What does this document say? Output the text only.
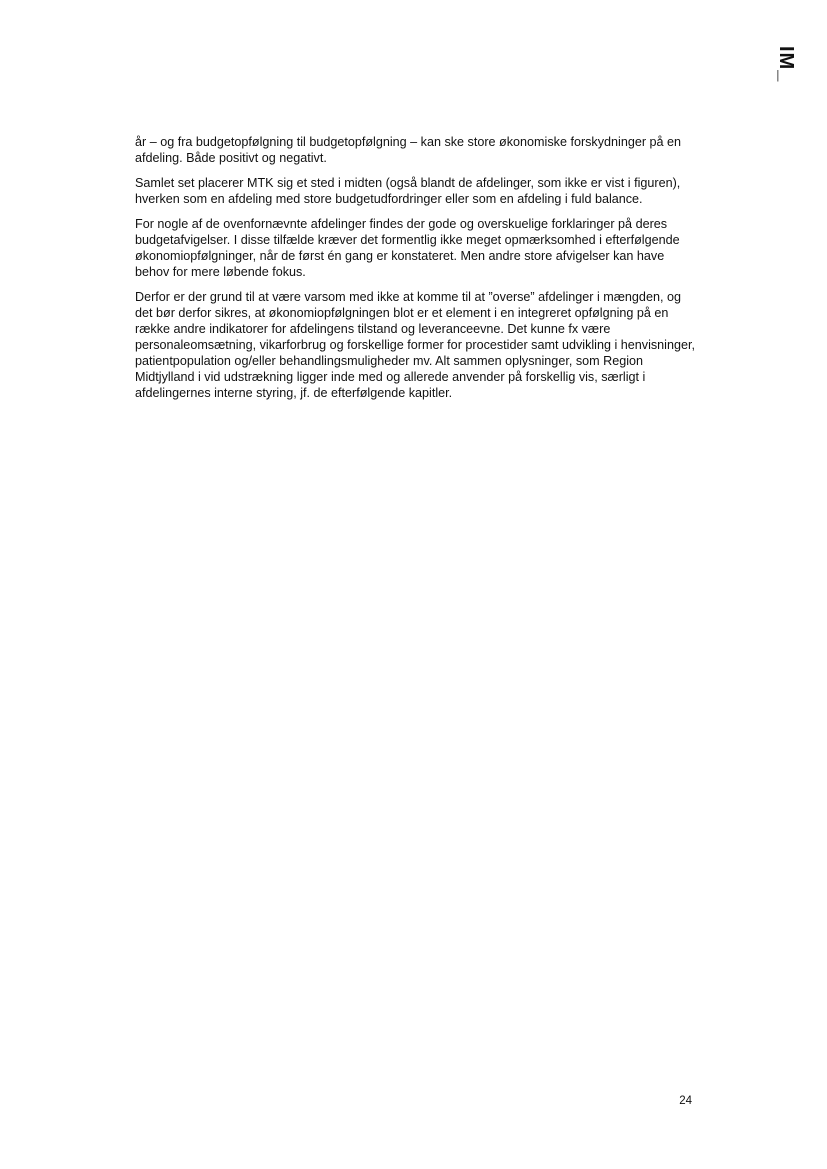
IM_

år – og fra budgetopfølgning til budgetopfølgning – kan ske store økonomiske forskydninger på en afdeling. Både positivt og negativt.

Samlet set placerer MTK sig et sted i midten (også blandt de afdelinger, som ikke er vist i figuren), hverken som en afdeling med store budgetudfordringer eller som en afdeling i fuld balance.

For nogle af de ovenfornævnte afdelinger findes der gode og overskuelige forklaringer på deres budgetafvigelser. I disse tilfælde kræver det formentlig ikke meget opmærksomhed i efterfølgende økonomiopfølgninger, når de først én gang er konstateret. Men andre store afvigelser kan have behov for mere løbende fokus.

Derfor er der grund til at være varsom med ikke at komme til at ”overse” afdelinger i mængden, og det bør derfor sikres, at økonomiopfølgningen blot er et element i en integreret opfølgning på en række andre indikatorer for afdelingens tilstand og leveranceevne. Det kunne fx være personaleomsætning, vikarforbrug og forskellige former for procestider samt udvikling i henvisninger, patientpopulation og/eller behandlingsmuligheder mv. Alt sammen oplysninger, som Region Midtjylland i vid udstrækning ligger inde med og allerede anvender på forskellig vis, særligt i afdelingernes interne styring, jf. de efterfølgende kapitler.

24
